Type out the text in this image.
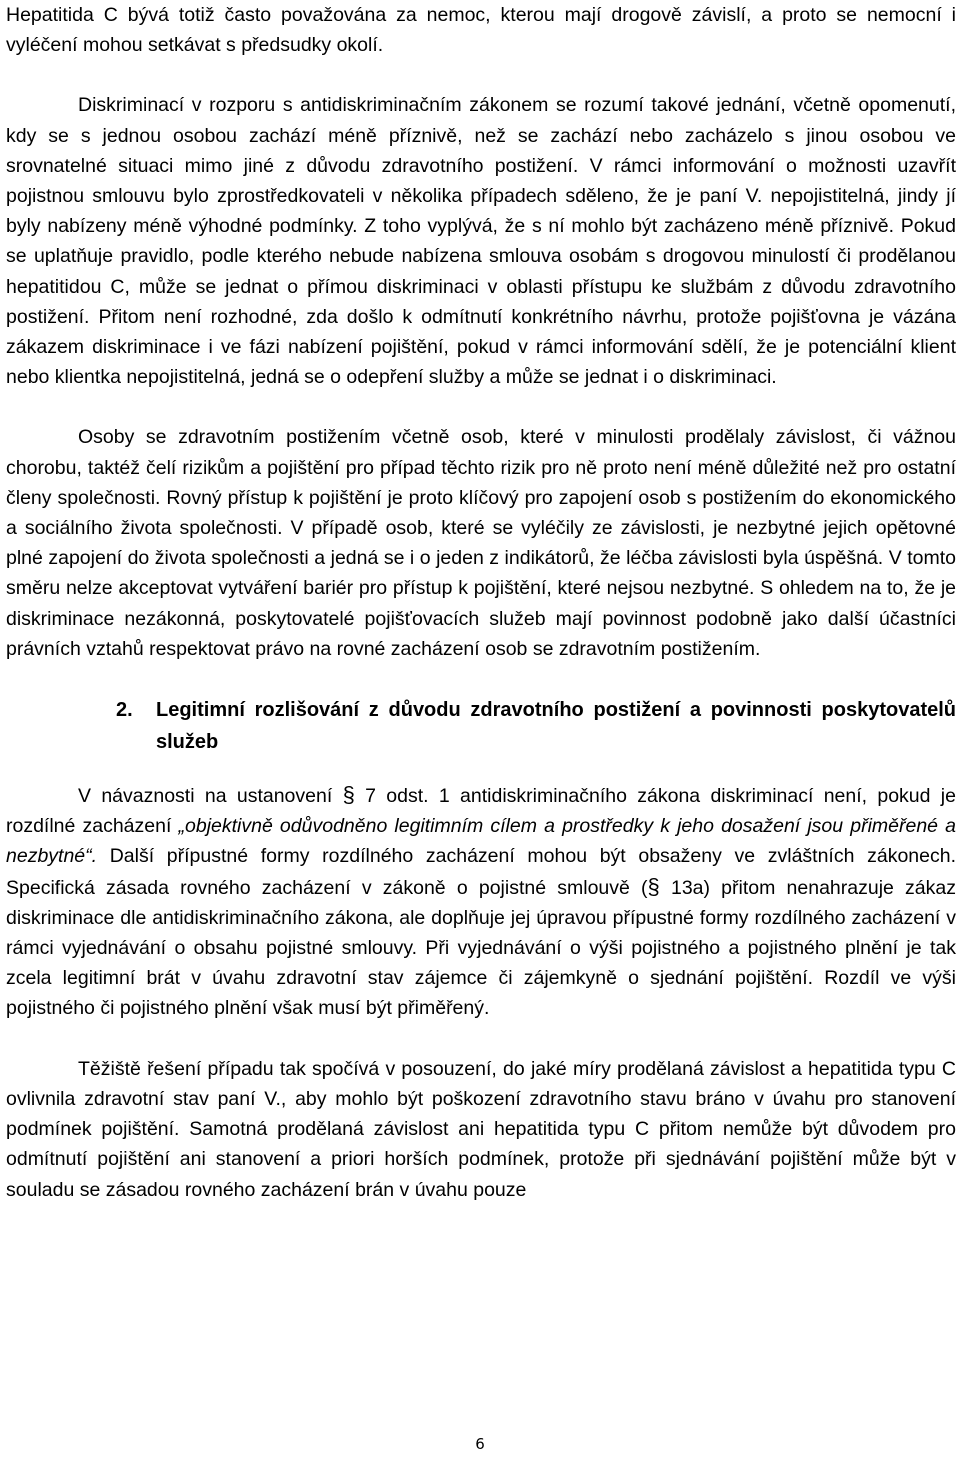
Hepatitida C bývá totiž často považována za nemoc, kterou mají drogově závislí, a proto se nemocní i vyléčení mohou setkávat s předsudky okolí.

Diskriminací v rozporu s antidiskriminačním zákonem se rozumí takové jednání, včetně opomenutí, kdy se s jednou osobou zachází méně příznivě, než se zachází nebo zacházelo s jinou osobou ve srovnatelné situaci mimo jiné z důvodu zdravotního postižení. V rámci informování o možnosti uzavřít pojistnou smlouvu bylo zprostředkovateli v několika případech sděleno, že je paní V. nepojistitelná, jindy jí byly nabízeny méně výhodné podmínky. Z toho vyplývá, že s ní mohlo být zacházeno méně příznivě. Pokud se uplatňuje pravidlo, podle kterého nebude nabízena smlouva osobám s drogovou minulostí či prodělanou hepatitidou C, může se jednat o přímou diskriminaci v oblasti přístupu ke službám z důvodu zdravotního postižení. Přitom není rozhodné, zda došlo k odmítnutí konkrétního návrhu, protože pojišťovna je vázána zákazem diskriminace i ve fázi nabízení pojištění, pokud v rámci informování sdělí, že je potenciální klient nebo klientka nepojistitelná, jedná se o odepření služby a může se jednat i o diskriminaci.

Osoby se zdravotním postižením včetně osob, které v minulosti prodělaly závislost, či vážnou chorobu, taktéž čelí rizikům a pojištění pro případ těchto rizik pro ně proto není méně důležité než pro ostatní členy společnosti. Rovný přístup k pojištění je proto klíčový pro zapojení osob s postižením do ekonomického a sociálního života společnosti. V případě osob, které se vyléčily ze závislosti, je nezbytné jejich opětovné plné zapojení do života společnosti a jedná se i o jeden z indikátorů, že léčba závislosti byla úspěšná. V tomto směru nelze akceptovat vytváření bariér pro přístup k pojištění, které nejsou nezbytné. S ohledem na to, že je diskriminace nezákonná, poskytovatelé pojišťovacích služeb mají povinnost podobně jako další účastníci právních vztahů respektovat právo na rovné zacházení osob se zdravotním postižením.

2. Legitimní rozlišování z důvodu zdravotního postižení a povinnosti poskytovatelů služeb

V návaznosti na ustanovení § 7 odst. 1 antidiskriminačního zákona diskriminací není, pokud je rozdílné zacházení „objektivně odůvodněno legitimním cílem a prostředky k jeho dosažení jsou přiměřené a nezbytné“. Další přípustné formy rozdílného zacházení mohou být obsaženy ve zvláštních zákonech. Specifická zásada rovného zacházení v zákoně o pojistné smlouvě (§ 13a) přitom nenahrazuje zákaz diskriminace dle antidiskriminačního zákona, ale doplňuje jej úpravou přípustné formy rozdílného zacházení v rámci vyjednávání o obsahu pojistné smlouvy. Při vyjednávání o výši pojistného a pojistného plnění je tak zcela legitimní brát v úvahu zdravotní stav zájemce či zájemkyně o sjednání pojištění. Rozdíl ve výši pojistného či pojistného plnění však musí být přiměřený.

Těžiště řešení případu tak spočívá v posouzení, do jaké míry prodělaná závislost a hepatitida typu C ovlivnila zdravotní stav paní V., aby mohlo být poškození zdravotního stavu bráno v úvahu pro stanovení podmínek pojištění. Samotná prodělaná závislost ani hepatitida typu C přitom nemůže být důvodem pro odmítnutí pojištění ani stanovení a priori horších podmínek, protože při sjednávání pojištění může být v souladu se zásadou rovného zacházení brán v úvahu pouze

6
